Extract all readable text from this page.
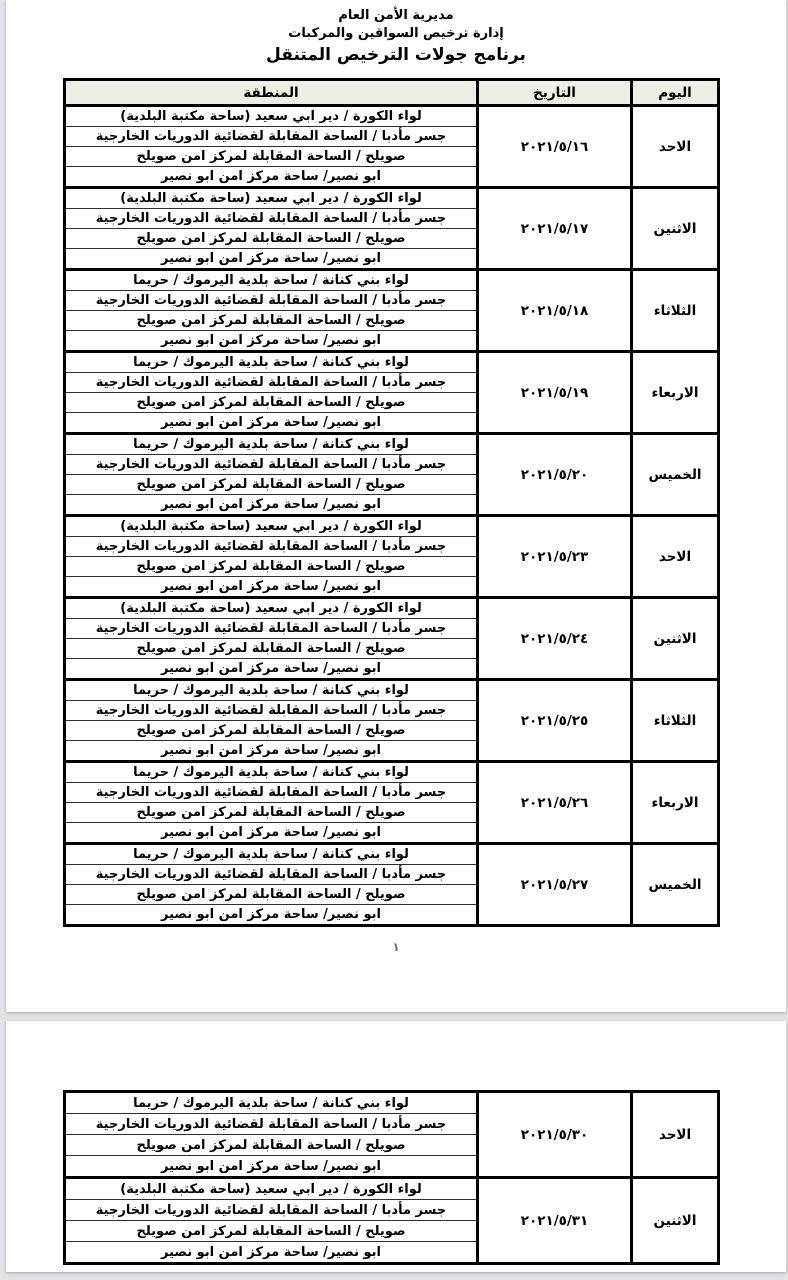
مديرية الأمن العام
إدارة ترخيص السواقين والمركبات
برنامج جولات الترخيص المتنقل
اليوم
التاريخ
المنطقة
الاحد
٢٠٢١/٥/١٦
لواء الكورة / دير ابي سعيد (ساحة مكتبة البلدية)
جسر مأدبا / الساحة المقابلة لقضائية الدوريات الخارجية
صويلح / الساحة المقابلة لمركز امن صويلح
ابو نصير/ ساحة مركز امن ابو نصير
الاثنين
٢٠٢١/٥/١٧
لواء الكورة / دير ابي سعيد (ساحة مكتبة البلدية)
جسر مأدبا / الساحة المقابلة لقضائية الدوريات الخارجية
صويلح / الساحة المقابلة لمركز امن صويلح
ابو نصير/ ساحة مركز امن ابو نصير
الثلاثاء
٢٠٢١/٥/١٨
لواء بني كنانة / ساحة بلدية اليرموك / حريما
جسر مأدبا / الساحة المقابلة لقضائية الدوريات الخارجية
صويلح / الساحة المقابلة لمركز امن صويلح
ابو نصير/ ساحة مركز امن ابو نصير
الاربعاء
٢٠٢١/٥/١٩
لواء بني كنانة / ساحة بلدية اليرموك / حريما
جسر مأدبا / الساحة المقابلة لقضائية الدوريات الخارجية
صويلح / الساحة المقابلة لمركز امن صويلح
ابو نصير/ ساحة مركز امن ابو نصير
الخميس
٢٠٢١/٥/٢٠
لواء بني كنانة / ساحة بلدية اليرموك / حريما
جسر مأدبا / الساحة المقابلة لقضائية الدوريات الخارجية
صويلح / الساحة المقابلة لمركز امن صويلح
ابو نصير/ ساحة مركز امن ابو نصير
الاحد
٢٠٢١/٥/٢٣
لواء الكورة / دير ابي سعيد (ساحة مكتبة البلدية)
جسر مأدبا / الساحة المقابلة لقضائية الدوريات الخارجية
صويلح / الساحة المقابلة لمركز امن صويلح
ابو نصير/ ساحة مركز امن ابو نصير
الاثنين
٢٠٢١/٥/٢٤
لواء الكورة / دير ابي سعيد (ساحة مكتبة البلدية)
جسر مأدبا / الساحة المقابلة لقضائية الدوريات الخارجية
صويلح / الساحة المقابلة لمركز امن صويلح
ابو نصير/ ساحة مركز امن ابو نصير
الثلاثاء
٢٠٢١/٥/٢٥
لواء بني كنانة / ساحة بلدية اليرموك / حريما
جسر مأدبا / الساحة المقابلة لقضائية الدوريات الخارجية
صويلح / الساحة المقابلة لمركز امن صويلح
ابو نصير/ ساحة مركز امن ابو نصير
الاربعاء
٢٠٢١/٥/٢٦
لواء بني كنانة / ساحة بلدية اليرموك / حريما
جسر مأدبا / الساحة المقابلة لقضائية الدوريات الخارجية
صويلح / الساحة المقابلة لمركز امن صويلح
ابو نصير/ ساحة مركز امن ابو نصير
الخميس
٢٠٢١/٥/٢٧
لواء بني كنانة / ساحة بلدية اليرموك / حريما
جسر مأدبا / الساحة المقابلة لقضائية الدوريات الخارجية
صويلح / الساحة المقابلة لمركز امن صويلح
ابو نصير/ ساحة مركز امن ابو نصير
١
الاحد
٢٠٢١/٥/٣٠
لواء بني كنانة / ساحة بلدية اليرموك / حريما
جسر مأدبا / الساحة المقابلة لقضائية الدوريات الخارجية
صويلح / الساحة المقابلة لمركز امن صويلح
ابو نصير/ ساحة مركز امن ابو نصير
الاثنين
٢٠٢١/٥/٣١
لواء الكورة / دير ابي سعيد (ساحة مكتبة البلدية)
جسر مأدبا / الساحة المقابلة لقضائية الدوريات الخارجية
صويلح / الساحة المقابلة لمركز امن صويلح
ابو نصير/ ساحة مركز امن ابو نصير
